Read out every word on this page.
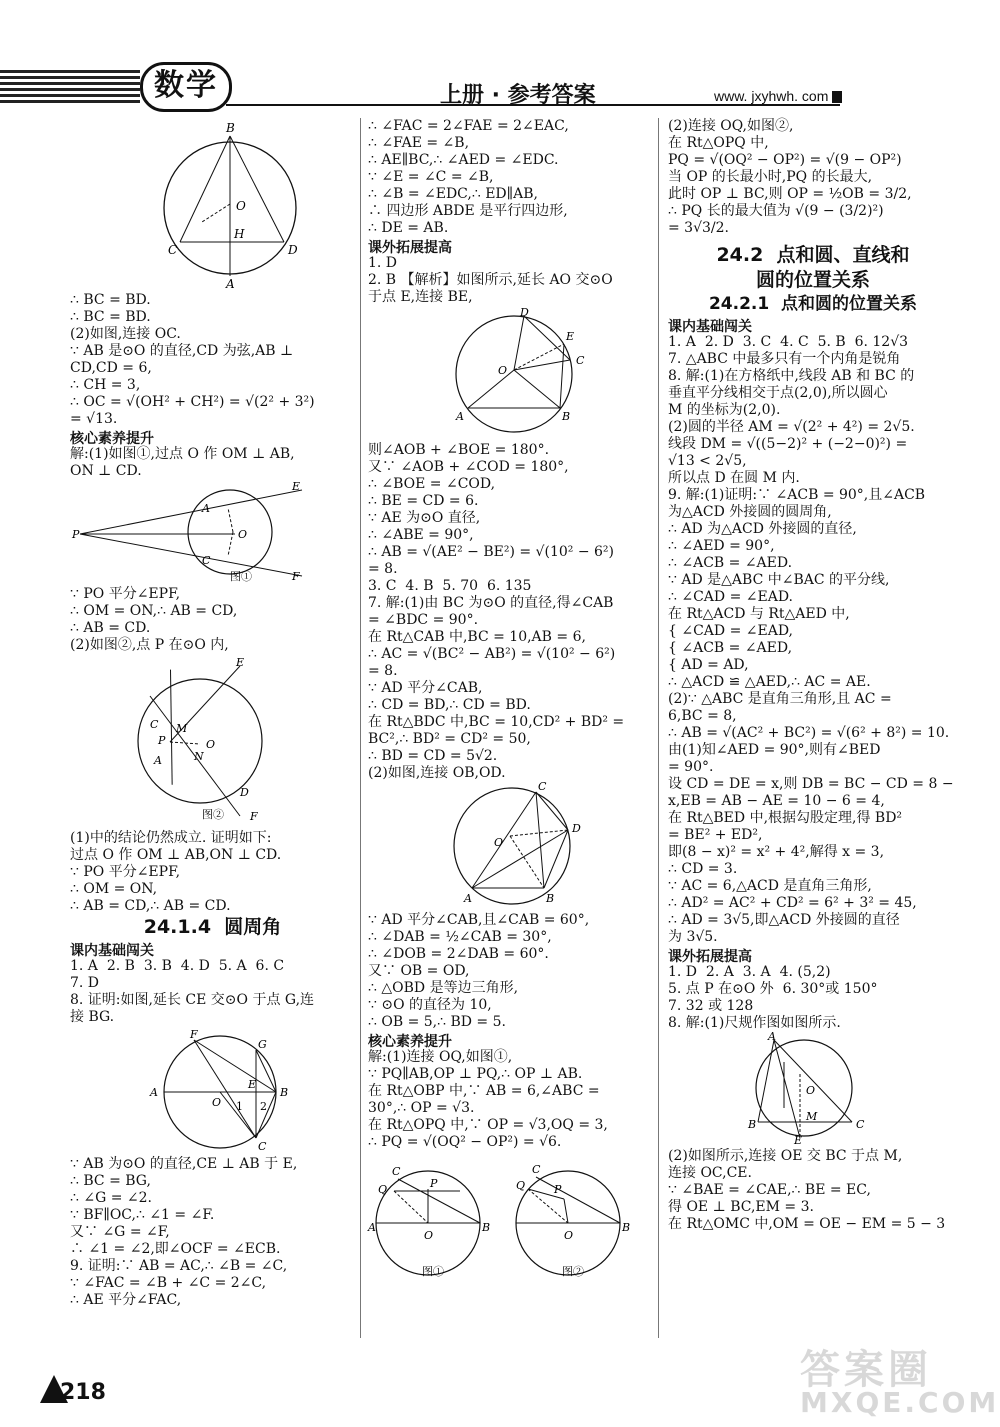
数学	上册 · 参考答案	www. jxyhwh. com
B
O
H
C	D
A
∴ BC = BD.
∴ BC = BD.
(2)如图,连接 OC.
∵ AB 是⊙O 的直径,CD 为弦,AB ⊥
CD,CD = 6,
∴ CH = 3,
∴ OC = √(OH² + CH²) = √(2² + 3²)
= √13.
核心素养提升
解:(1)如图①,过点 O 作 OM ⊥ AB,
ON ⊥ CD.
P
A
E
O
C
F
图①
∵ PO 平分∠EPF,
∴ OM = ON,∴ AB = CD,
∴ AB = CD.
(2)如图②,点 P 在⊙O 内,
C
P
A
M
N
O
E
D
F
图②
(1)中的结论仍然成立. 证明如下:
过点 O 作 OM ⊥ AB,ON ⊥ CD.
∵ PO 平分∠EPF,
∴ OM = ON,
∴ AB = CD,∴ AB = CD.
24.1.4  圆周角
课内基础闯关
1. A  2. B  3. B  4. D  5. A  6. C
7. D
8. 证明:如图,延长 CE 交⊙O 于点 G,连
接 BG.
A
O
F
G
E
B
C
1 2
∵ AB 为⊙O 的直径,CE ⊥ AB 于 E,
∴ BC = BG,
∴ ∠G = ∠2.
∵ BF∥OC,∴ ∠1 = ∠F.
又∵ ∠G = ∠F,
∴ ∠1 = ∠2,即∠OCF = ∠ECB.
9. 证明:∵ AB = AC,∴ ∠B = ∠C,
∵ ∠FAC = ∠B + ∠C = 2∠C,
∴ AE 平分∠FAC,
∴ ∠FAC = 2∠FAE = 2∠EAC,
∴ ∠FAE = ∠B,
∴ AE∥BC,∴ ∠AED = ∠EDC.
∵ ∠E = ∠C = ∠B,
∴ ∠B = ∠EDC,∴ ED∥AB,
∴ 四边形 ABDE 是平行四边形,
∴ DE = AB.
课外拓展提高
1. D
2. B 【解析】如图所示,延长 AO 交⊙O
于点 E,连接 BE,
D
E
C
O
A	B
则∠AOB + ∠BOE = 180°.
又∵ ∠AOB + ∠COD = 180°,
∴ ∠BOE = ∠COD,
∴ BE = CD = 6.
∵ AE 为⊙O 直径,
∴ ∠ABE = 90°,
∴ AB = √(AE² − BE²) = √(10² − 6²)
= 8.
3. C  4. B  5. 70  6. 135
7. 解:(1)由 BC 为⊙O 的直径,得∠CAB
= ∠BDC = 90°.
在 Rt△CAB 中,BC = 10,AB = 6,
∴ AC = √(BC² − AB²) = √(10² − 6²)
= 8.
∵ AD 平分∠CAB,
∴ CD = BD,∴ CD = BD.
在 Rt△BDC 中,BC = 10,CD² + BD² =
BC²,∴ BD² = CD² = 50,
∴ BD = CD = 5√2.
(2)如图,连接 OB,OD.
C
D
O
A	B
∵ AD 平分∠CAB,且∠CAB = 60°,
∴ ∠DAB = ½∠CAB = 30°,
∴ ∠DOB = 2∠DAB = 60°.
又∵ OB = OD,
∴ △OBD 是等边三角形,
∵ ⊙O 的直径为 10,
∴ OB = 5,∴ BD = 5.
核心素养提升
解:(1)连接 OQ,如图①,
∵ PQ∥AB,OP ⊥ PQ,∴ OP ⊥ AB.
在 Rt△OBP 中,∵ AB = 6,∠ABC =
30°,∴ OP = √3.
在 Rt△OPQ 中,∵ OP = √3,OQ = 3,
∴ PQ = √(OQ² − OP²) = √6.
C
Q	P
A
O
B
图①
C
Q	P
O
B
图②
(2)连接 OQ,如图②,
在 Rt△OPQ 中,
PQ = √(OQ² − OP²) = √(9 − OP²)
当 OP 的长最小时,PQ 的长最大,
此时 OP ⊥ BC,则 OP = ½OB = 3/2,
∴ PQ 长的最大值为 √(9 − (3/2)²)
= 3√3/2.
24.2  点和圆、直线和
圆的位置关系
24.2.1  点和圆的位置关系
课内基础闯关
1. A  2. D  3. C  4. C  5. B  6. 12√3
7. △ABC 中最多只有一个内角是锐角
8. 解:(1)在方格纸中,线段 AB 和 BC 的
垂直平分线相交于点(2,0),所以圆心
M 的坐标为(2,0).
(2)圆的半径 AM = √(2² + 4²) = 2√5.
线段 DM = √((5−2)² + (−2−0)²) =
√13 < 2√5,
所以点 D 在圆 M 内.
9. 解:(1)证明:∵ ∠ACB = 90°,且∠ACB
为△ACD 外接圆的圆周角,
∴ AD 为△ACD 外接圆的直径,
∴ ∠AED = 90°,
∴ ∠ACB = ∠AED.
∵ AD 是△ABC 中∠BAC 的平分线,
∴ ∠CAD = ∠EAD.
在 Rt△ACD 与 Rt△AED 中,
{ ∠CAD = ∠EAD,
{ ∠ACB = ∠AED,
{ AD = AD,
∴ △ACD ≌ △AED,∴ AC = AE.
(2)∵ △ABC 是直角三角形,且 AC =
6,BC = 8,
∴ AB = √(AC² + BC²) = √(6² + 8²) = 10.
由(1)知∠AED = 90°,则有∠BED
= 90°.
设 CD = DE = x,则 DB = BC − CD = 8 −
x,EB = AB − AE = 10 − 6 = 4,
在 Rt△BED 中,根据勾股定理,得 BD²
= BE² + ED²,
即(8 − x)² = x² + 4²,解得 x = 3,
∴ CD = 3.
∵ AC = 6,△ACD 是直角三角形,
∴ AD² = AC² + CD² = 6² + 3² = 45,
∴ AD = 3√5,即△ACD 外接圆的直径
为 3√5.
课外拓展提高
1. D  2. A  3. A  4. (5,2)
5. 点 P 在⊙O 外  6. 30°或 150°
7. 32 或 128
8. 解:(1)尺规作图如图所示.
A
B	C
O
M
E
(2)如图所示,连接 OE 交 BC 于点 M,
连接 OC,CE.
∵ ∠BAE = ∠CAE,∴ BE = EC,
得 OE ⊥ BC,EM = 3.
在 Rt△OMC 中,OM = OE − EM = 5 − 3
218	答案圈
MXQE.COM
